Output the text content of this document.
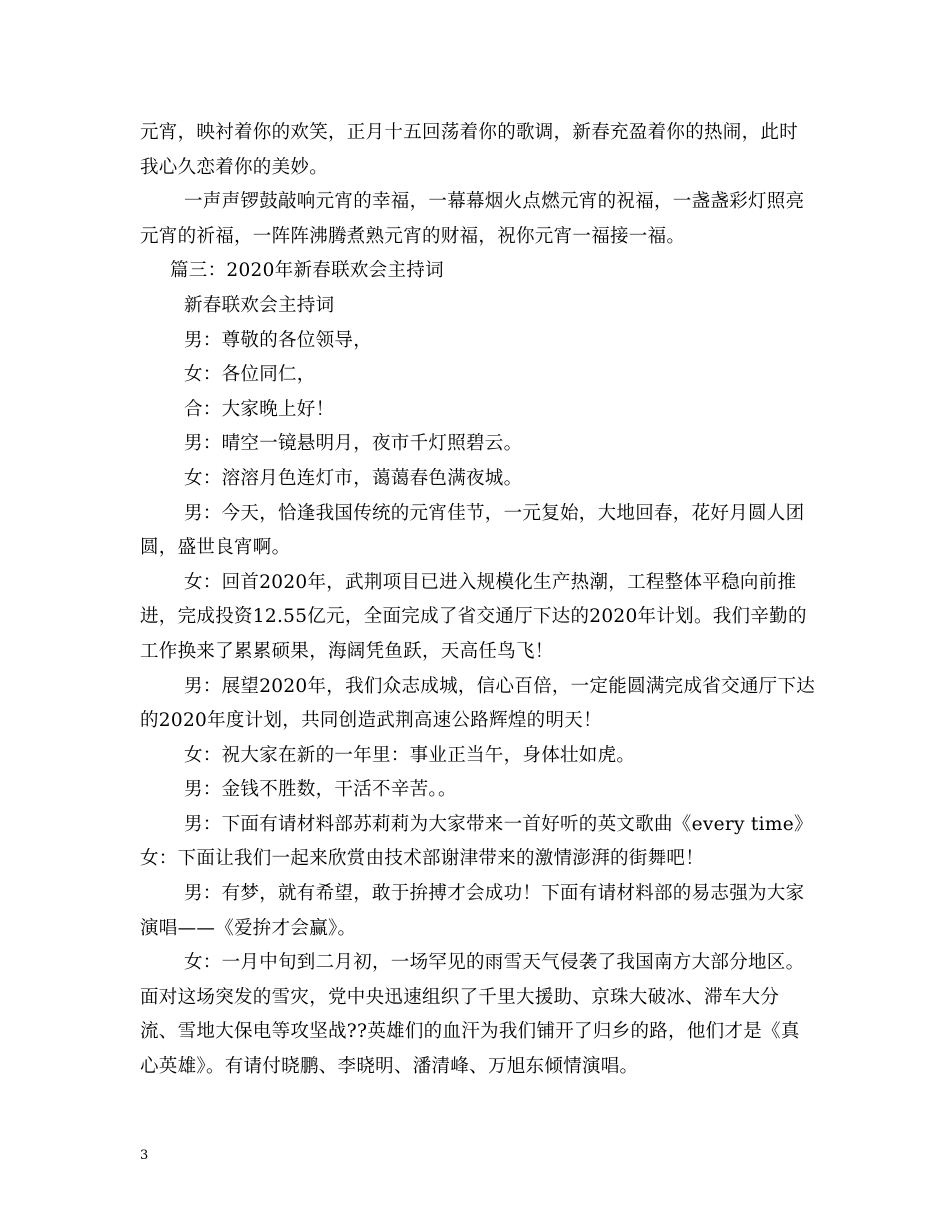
元宵，映衬着你的欢笑，正月十五回荡着你的歌调，新春充盈着你的热闹，此时我心久恋着你的美妙。

一声声锣鼓敲响元宵的幸福，一幕幕烟火点燃元宵的祝福，一盏盏彩灯照亮元宵的祈福，一阵阵沸腾煮熟元宵的财福，祝你元宵一福接一福。

篇三：2020年新春联欢会主持词

新春联欢会主持词

男：尊敬的各位领导，

女：各位同仁，

合：大家晚上好！

男：晴空一镜悬明月，夜市千灯照碧云。

女：溶溶月色连灯市，蔼蔼春色满夜城。

男：今天，恰逢我国传统的元宵佳节，一元复始，大地回春，花好月圆人团圆，盛世良宵啊。

女：回首2020年，武荆项目已进入规模化生产热潮，工程整体平稳向前推进，完成投资12.55亿元，全面完成了省交通厅下达的2020年计划。我们辛勤的工作换来了累累硕果，海阔凭鱼跃，天高任鸟飞！

男：展望2020年，我们众志成城，信心百倍，一定能圆满完成省交通厅下达的2020年度计划，共同创造武荆高速公路辉煌的明天！

女：祝大家在新的一年里：事业正当午，身体壮如虎。

男：金钱不胜数，干活不辛苦。。

男：下面有请材料部苏莉莉为大家带来一首好听的英文歌曲《every time》

女：下面让我们一起来欣赏由技术部谢津带来的激情澎湃的街舞吧！

男：有梦，就有希望，敢于拚搏才会成功！下面有请材料部的易志强为大家演唱——《爱拚才会赢》。

女：一月中旬到二月初，一场罕见的雨雪天气侵袭了我国南方大部分地区。面对这场突发的雪灾，党中央迅速组织了千里大援助、京珠大破冰、滞车大分流、雪地大保电等攻坚战??英雄们的血汗为我们铺开了归乡的路，他们才是《真心英雄》。有请付晓鹏、李晓明、潘清峰、万旭东倾情演唱。

3
